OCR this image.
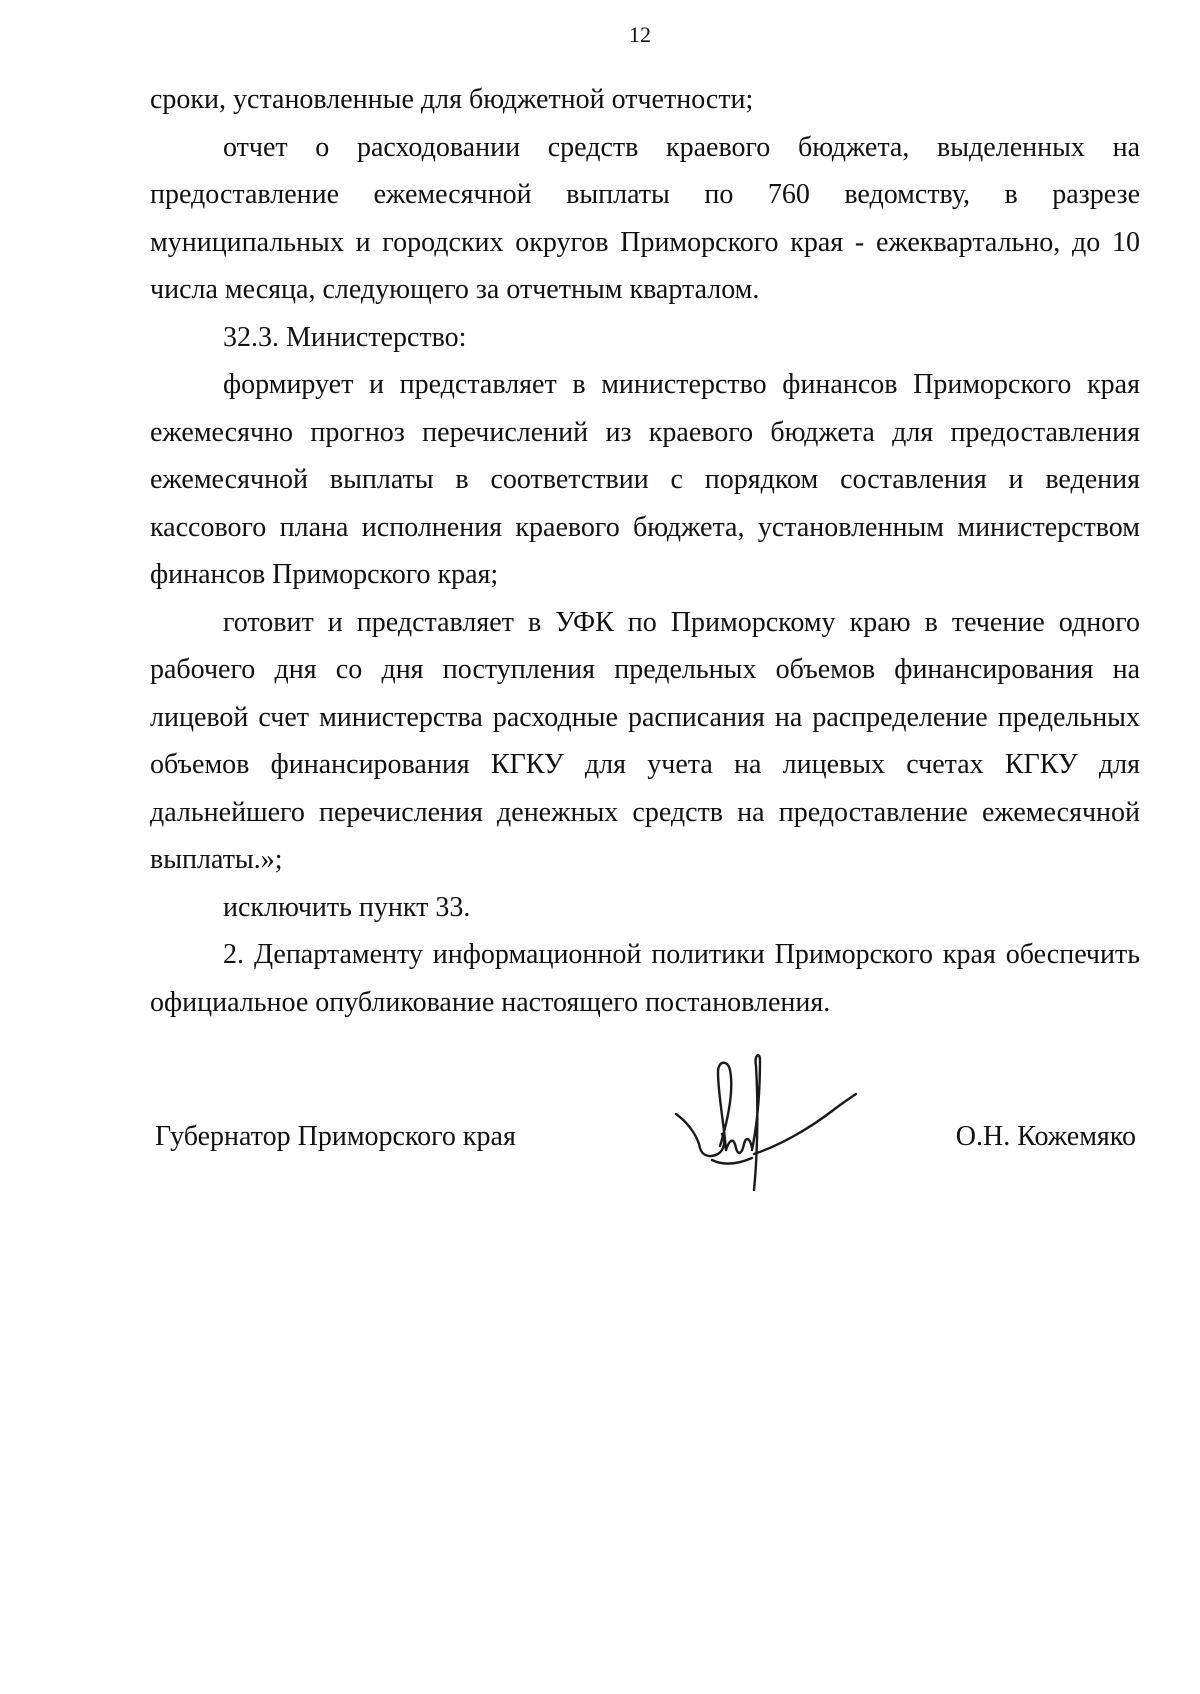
12

сроки, установленные для бюджетной отчетности;

отчет о расходовании средств краевого бюджета, выделенных на предоставление ежемесячной выплаты по 760 ведомству, в разрезе муниципальных и городских округов Приморского края - ежеквартально, до 10 числа месяца, следующего за отчетным кварталом.

32.3. Министерство:

формирует и представляет в министерство финансов Приморского края ежемесячно прогноз перечислений из краевого бюджета для предоставления ежемесячной выплаты в соответствии с порядком составления и ведения кассового плана исполнения краевого бюджета, установленным министерством финансов Приморского края;

готовит и представляет в УФК по Приморскому краю в течение одного рабочего дня со дня поступления предельных объемов финансирования на лицевой счет министерства расходные расписания на распределение предельных объемов финансирования КГКУ для учета на лицевых счетах КГКУ для дальнейшего перечисления денежных средств на предоставление ежемесячной выплаты.»;

исключить пункт 33.

2. Департаменту информационной политики Приморского края обеспечить официальное опубликование настоящего постановления.

Губернатор Приморского края	О.Н. Кожемяко
